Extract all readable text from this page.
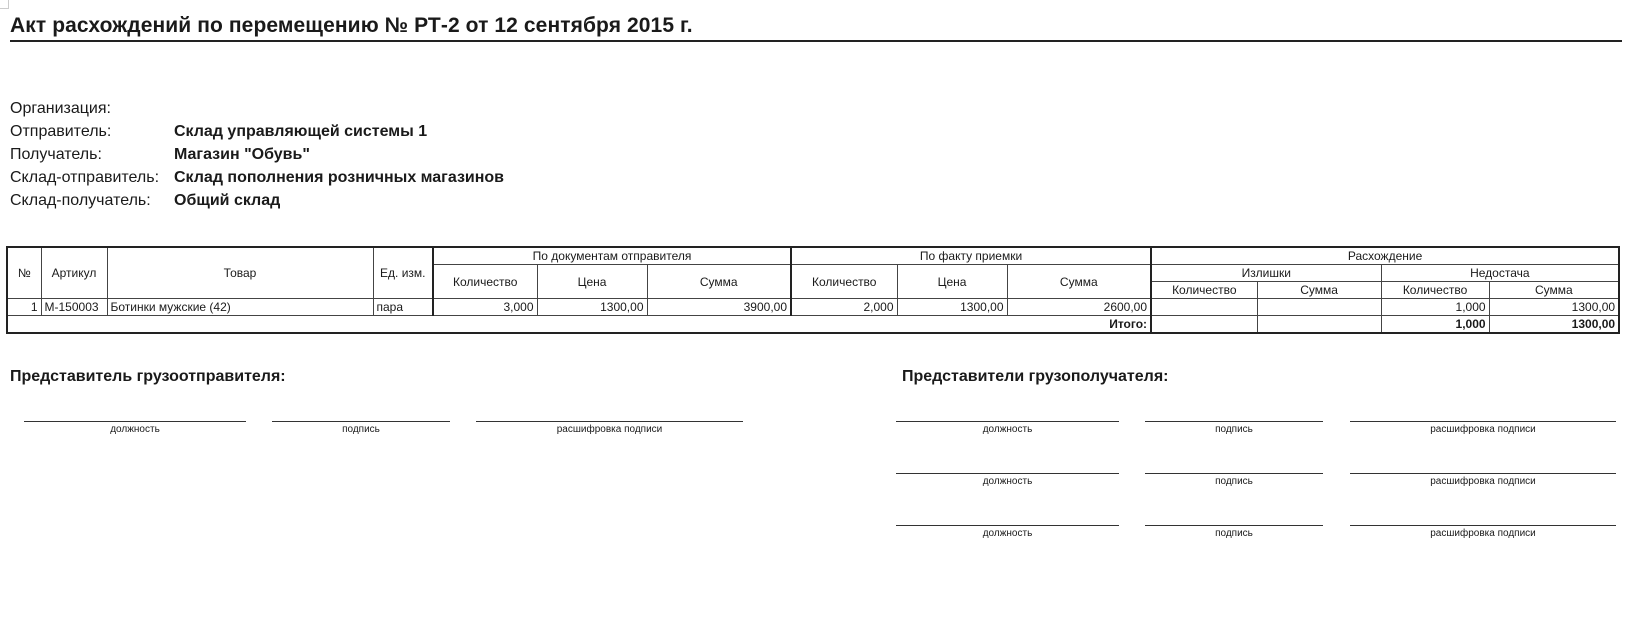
Акт расхождений по перемещению № РТ-2 от 12 сентября 2015 г.
Организация:
Отправитель:	Склад управляющей системы 1
Получатель:	Магазин "Обувь"
Склад-отправитель: Склад пополнения розничных магазинов
Склад-получатель:	Общий склад
№	Артикул	Товар	Ед. изм.	По документам отправителя			По факту приемки			Расхождение			
				Количество	Цена	Сумма	Количество	Цена	Сумма	Излишки		Недостача	
										Количество	Сумма	Количество	Сумма
1	М-150003	Ботинки мужские (42)	пара	3,000	1300,00	3900,00	2,000	1300,00	2600,00			1,000	1300,00
Итого:												1,000	1300,00
Представитель грузоотправителя:	Представители грузополучателя:
должность	подпись	расшифровка подписи	должность	подпись	расшифровка подписи
должность	подпись	расшифровка подписи
должность	подпись	расшифровка подписи
